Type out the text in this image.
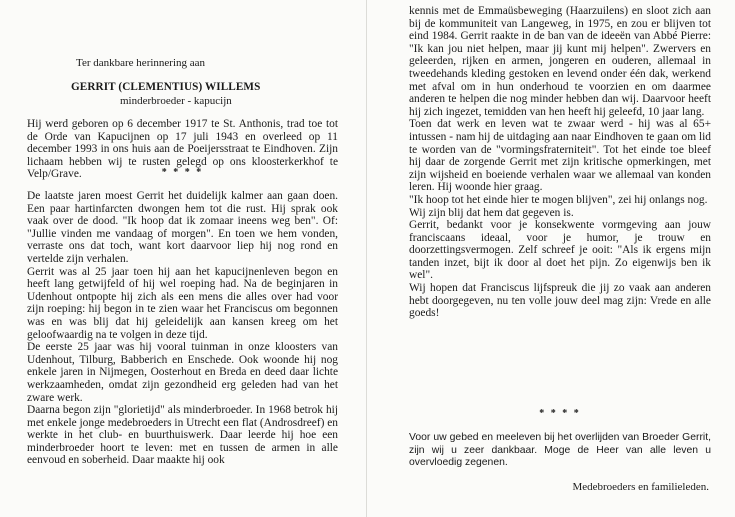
Ter dankbare herinnering aan
GERRIT (CLEMENTIUS) WILLEMS
minderbroeder - kapucijn

Hij werd geboren op 6 december 1917 te St. Anthonis, trad toe tot de Orde van Kapucijnen op 17 juli 1943 en overleed op 11 december 1993 in ons huis aan de Poeijersstraat te Eindhoven. Zijn lichaam hebben wij te rusten gelegd op ons kloosterkerkhof te Velp/Grave.	* * * *

De laatste jaren moest Gerrit het duidelijk kalmer aan gaan doen. Een paar hartinfarcten dwongen hem tot die rust. Hij sprak ook vaak over de dood. "Ik hoop dat ik zomaar ineens weg ben". Of: "Jullie vinden me vandaag of morgen". En toen we hem vonden, verraste ons dat toch, want kort daarvoor liep hij nog rond en vertelde zijn verhalen.

Gerrit was al 25 jaar toen hij aan het kapucijnenleven begon en heeft lang getwijfeld of hij wel roeping had. Na de beginjaren in Udenhout ontpopte hij zich als een mens die alles over had voor zijn roeping: hij begon in te zien waar het Franciscus om begonnen was en was blij dat hij geleidelijk aan kansen kreeg om het geloofwaardig na te volgen in deze tijd.

De eerste 25 jaar was hij vooral tuinman in onze kloosters van Udenhout, Tilburg, Babberich en Enschede. Ook woonde hij nog enkele jaren in Nijmegen, Oosterhout en Breda en deed daar lichte werkzaamheden, omdat zijn gezondheid erg geleden had van het zware werk.

Daarna begon zijn "glorietijd" als minderbroeder. In 1968 betrok hij met enkele jonge medebroeders in Utrecht een flat (Androsdreef) en werkte in het club- en buurthuiswerk. Daar leerde hij hoe een minderbroeder hoort te leven: met en tussen de armen in alle eenvoud en soberheid. Daar maakte hij ook

kennis met de Emmaüsbeweging (Haarzuilens) en sloot zich aan bij de kommuniteit van Langeweg, in 1975, en zou er blijven tot eind 1984. Gerrit raakte in de ban van de ideeën van Abbé Pierre: "Ik kan jou niet helpen, maar jij kunt mij helpen". Zwervers en geleerden, rijken en armen, jongeren en ouderen, allemaal in tweedehands kleding gestoken en levend onder één dak, werkend met afval om in hun onderhoud te voorzien en om daarmee anderen te helpen die nog minder hebben dan wij. Daarvoor heeft hij zich ingezet, temidden van hen heeft hij geleefd, 10 jaar lang.

Toen dat werk en leven wat te zwaar werd - hij was al 65+ intussen - nam hij de uitdaging aan naar Eindhoven te gaan om lid te worden van de "vormingsfraterniteit". Tot het einde toe bleef hij daar de zorgende Gerrit met zijn kritische opmerkingen, met zijn wijsheid en boeiende verhalen waar we allemaal van konden leren. Hij woonde hier graag.

"Ik hoop tot het einde hier te mogen blijven", zei hij onlangs nog.

Wij zijn blij dat hem dat gegeven is.

Gerrit, bedankt voor je konsekwente vormgeving aan jouw franciscaans ideaal, voor je humor, je trouw en doorzettingsvermogen. Zelf schreef je ooit: "Als ik ergens mijn tanden inzet, bijt ik door al doet het pijn. Zo eigenwijs ben ik wel".

Wij hopen dat Franciscus lijfspreuk die jij zo vaak aan anderen hebt doorgegeven, nu ten volle jouw deel mag zijn: Vrede en alle goeds!

* * * *

Voor uw gebed en meeleven bij het overlijden van Broeder Gerrit, zijn wij u zeer dankbaar. Moge de Heer van alle leven u overvloedig zegenen.

Medebroeders en familieleden.
